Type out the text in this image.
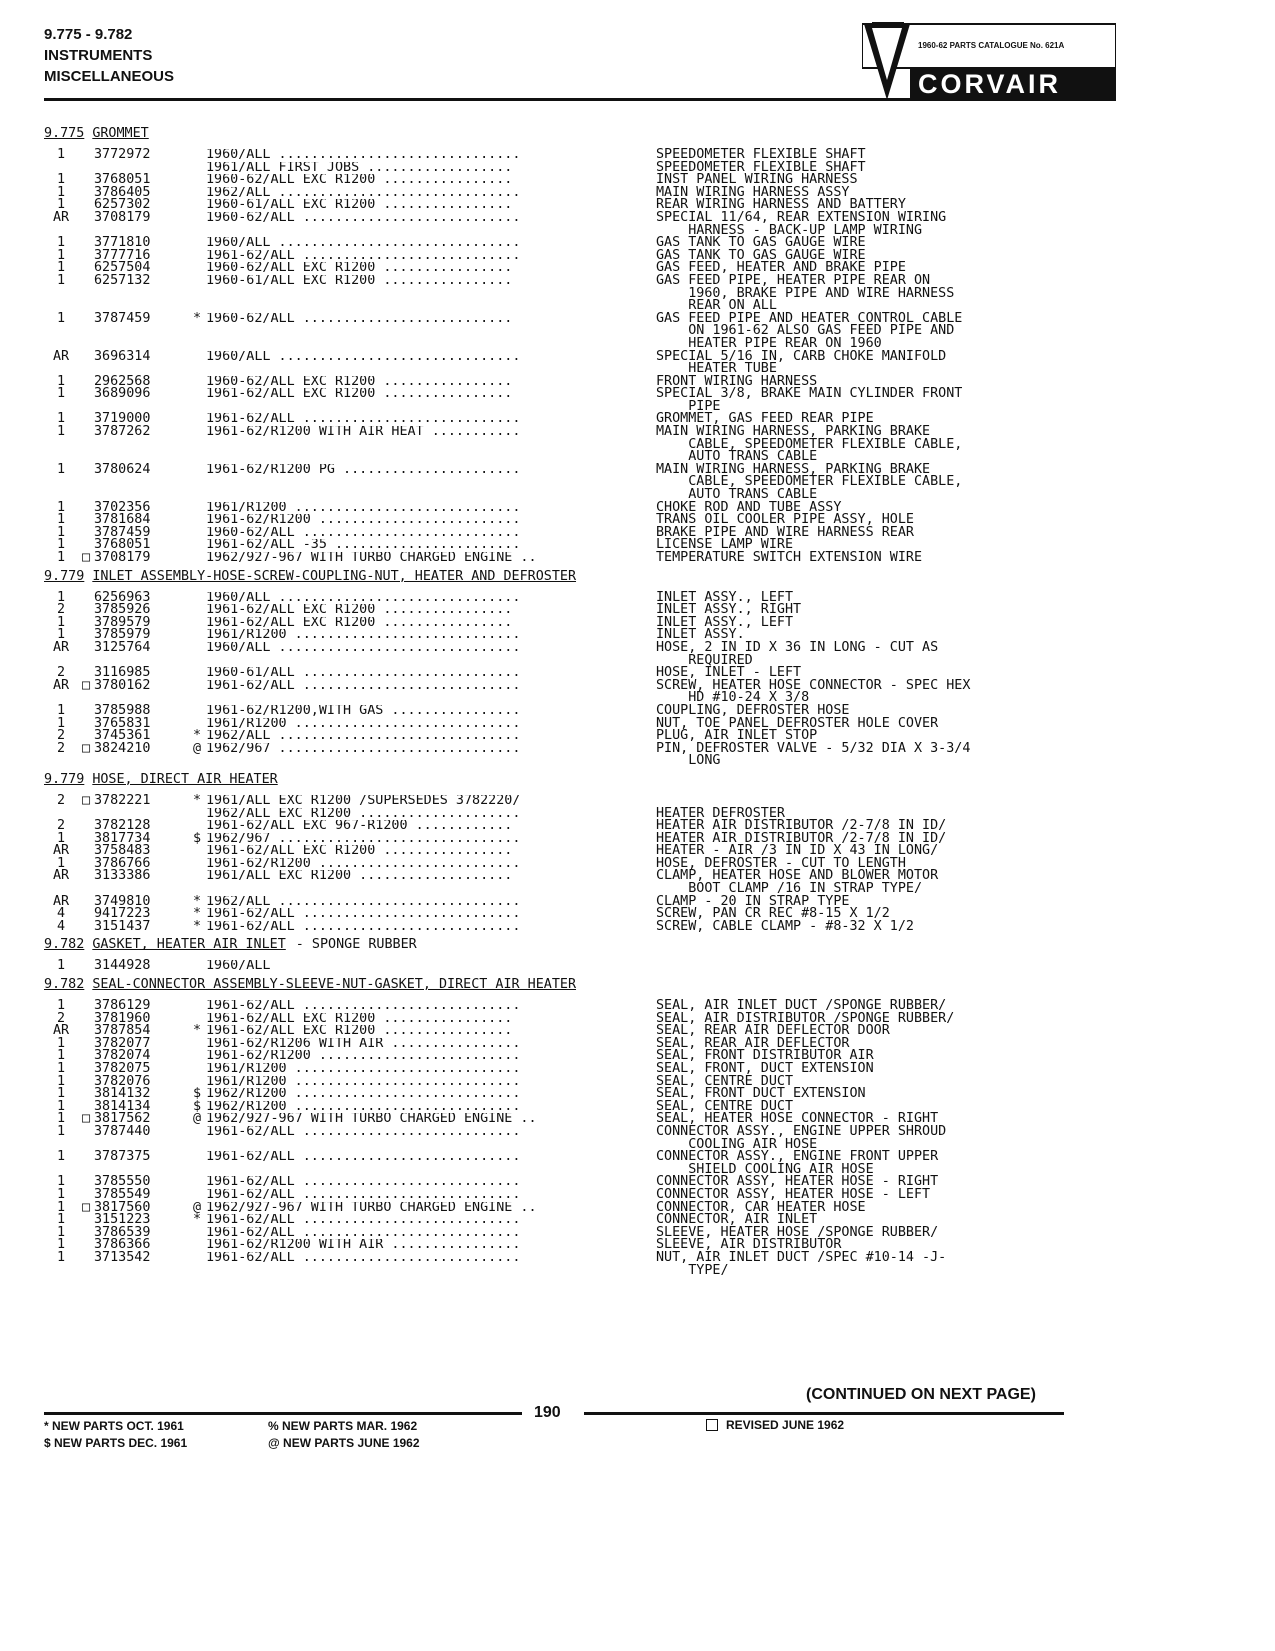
9.775 - 9.782
INSTRUMENTS
MISCELLANEOUS
1960-62 PARTS CATALOGUE No. 621A
CORVAIR
9.775 GROMMET
1	3772972	1960/ALL ..............................	SPEEDOMETER FLEXIBLE SHAFT
1961/ALL FIRST JOBS ..................	SPEEDOMETER FLEXIBLE SHAFT
1	3768051	1960-62/ALL EXC R1200 ................	INST PANEL WIRING HARNESS
1	3786405	1962/ALL ..............................	MAIN WIRING HARNESS ASSY
1	6257302	1960-61/ALL EXC R1200 ................	REAR WIRING HARNESS AND BATTERY
AR	3708179	1960-62/ALL ...........................	SPECIAL 11/64, REAR EXTENSION WIRING
HARNESS - BACK-UP LAMP WIRING
1	3771810	1960/ALL ..............................	GAS TANK TO GAS GAUGE WIRE
1	3777716	1961-62/ALL ...........................	GAS TANK TO GAS GAUGE WIRE
1	6257504	1960-62/ALL EXC R1200 ................	GAS FEED, HEATER AND BRAKE PIPE
1	6257132	1960-61/ALL EXC R1200 ................	GAS FEED PIPE, HEATER PIPE REAR ON
1960, BRAKE PIPE AND WIRE HARNESS
REAR ON ALL
1	3787459	* 1960-62/ALL ..........................	GAS FEED PIPE AND HEATER CONTROL CABLE
ON 1961-62 ALSO GAS FEED PIPE AND
HEATER PIPE REAR ON 1960
AR	3696314	1960/ALL ..............................	SPECIAL 5/16 IN, CARB CHOKE MANIFOLD
HEATER TUBE
1	2962568	1960-62/ALL EXC R1200 ................	FRONT WIRING HARNESS
1	3689096	1961-62/ALL EXC R1200 ................	SPECIAL 3/8, BRAKE MAIN CYLINDER FRONT
PIPE
1	3719000	1961-62/ALL ...........................	GROMMET, GAS FEED REAR PIPE
1	3787262	1961-62/R1200 WITH AIR HEAT ...........	MAIN WIRING HARNESS, PARKING BRAKE
CABLE, SPEEDOMETER FLEXIBLE CABLE,
AUTO TRANS CABLE
1	3780624	1961-62/R1200 PG ......................	MAIN WIRING HARNESS, PARKING BRAKE
CABLE, SPEEDOMETER FLEXIBLE CABLE,
AUTO TRANS CABLE
1	3702356	1961/R1200 ............................	CHOKE ROD AND TUBE ASSY
1	3781684	1961-62/R1200 .........................	TRANS OIL COOLER PIPE ASSY, HOLE
1	3787459	1960-62/ALL ...........................	BRAKE PIPE AND WIRE HARNESS REAR
1	3768051	1961-62/ALL -35 .......................	LICENSE LAMP WIRE
1	□ 3708179	1962/927-967 WITH TURBO CHARGED ENGINE ..	TEMPERATURE SWITCH EXTENSION WIRE
9.779 INLET ASSEMBLY-HOSE-SCREW-COUPLING-NUT, HEATER AND DEFROSTER
1	6256963	1960/ALL ..............................	INLET ASSY., LEFT
2	3785926	1961-62/ALL EXC R1200 ................	INLET ASSY., RIGHT
1	3789579	1961-62/ALL EXC R1200 ................	INLET ASSY., LEFT
1	3785979	1961/R1200 ............................	INLET ASSY.
AR	3125764	1960/ALL ..............................	HOSE, 2 IN ID X 36 IN LONG - CUT AS
REQUIRED
2	3116985	1960-61/ALL ...........................	HOSE, INLET - LEFT
AR □ 3780162	1961-62/ALL ...........................	SCREW, HEATER HOSE CONNECTOR - SPEC HEX
HD #10-24 X 3/8
1	3785988	1961-62/R1200,WITH GAS ................	COUPLING, DEFROSTER HOSE
1	3765831	1961/R1200 ............................	NUT, TOE PANEL DEFROSTER HOLE COVER
2	3745361	* 1962/ALL ..............................	PLUG, AIR INLET STOP
2	□ 3824210	@ 1962/967 ..............................	PIN, DEFROSTER VALVE - 5/32 DIA X 3-3/4
LONG
9.779 HOSE, DIRECT AIR HEATER
2	□ 3782221	* 1961/ALL EXC R1200 /SUPERSEDES 3782220/
1962/ALL EXC R1200 ....................	HEATER DEFROSTER
2	3782128	1961-62/ALL EXC 967-R1200 ............	HEATER AIR DISTRIBUTOR /2-7/8 IN ID/
1	3817734	$ 1962/967 ..............................	HEATER AIR DISTRIBUTOR /2-7/8 IN ID/
AR	3758483	1961-62/ALL EXC R1200 ................	HEATER - AIR /3 IN ID X 43 IN LONG/
1	3786766	1961-62/R1200 .........................	HOSE, DEFROSTER - CUT TO LENGTH
AR	3133386	1961/ALL EXC R1200 ...................	CLAMP, HEATER HOSE AND BLOWER MOTOR
BOOT CLAMP /16 IN STRAP TYPE/
AR	3749810	* 1962/ALL ..............................	CLAMP - 20 IN STRAP TYPE
4	9417223	* 1961-62/ALL ...........................	SCREW, PAN CR REC #8-15 X 1/2
4	3151437	* 1961-62/ALL ...........................	SCREW, CABLE CLAMP - #8-32 X 1/2
9.782 GASKET, HEATER AIR INLET - SPONGE RUBBER
1	3144928	1960/ALL
9.782 SEAL-CONNECTOR ASSEMBLY-SLEEVE-NUT-GASKET, DIRECT AIR HEATER
1	3786129	1961-62/ALL ...........................	SEAL, AIR INLET DUCT /SPONGE RUBBER/
2	3781960	1961-62/ALL EXC R1200 ................	SEAL, AIR DISTRIBUTOR /SPONGE RUBBER/
AR	3787854	* 1961-62/ALL EXC R1200 ................	SEAL, REAR AIR DEFLECTOR DOOR
1	3782077	1961-62/R1206 WITH AIR ................	SEAL, REAR AIR DEFLECTOR
1	3782074	1961-62/R1200 .........................	SEAL, FRONT DISTRIBUTOR AIR
1	3782075	1961/R1200 ............................	SEAL, FRONT, DUCT EXTENSION
1	3782076	1961/R1200 ............................	SEAL, CENTRE DUCT
1	3814132	$ 1962/R1200 ............................	SEAL, FRONT DUCT EXTENSION
1	3814134	$ 1962/R1200 ............................	SEAL, CENTRE DUCT
1	□ 3817562	@ 1962/927-967 WITH TURBO CHARGED ENGINE ..	SEAL, HEATER HOSE CONNECTOR - RIGHT
1	3787440	1961-62/ALL ...........................	CONNECTOR ASSY., ENGINE UPPER SHROUD
COOLING AIR HOSE
1	3787375	1961-62/ALL ...........................	CONNECTOR ASSY., ENGINE FRONT UPPER
SHIELD COOLING AIR HOSE
1	3785550	1961-62/ALL ...........................	CONNECTOR ASSY, HEATER HOSE - RIGHT
1	3785549	1961-62/ALL ...........................	CONNECTOR ASSY, HEATER HOSE - LEFT
1	□ 3817560	@ 1962/927-967 WITH TURBO CHARGED ENGINE ..	CONNECTOR, CAR HEATER HOSE
1	3151223	* 1961-62/ALL ...........................	CONNECTOR, AIR INLET
1	3786539	1961-62/ALL ...........................	SLEEVE, HEATER HOSE /SPONGE RUBBER/
1	3786366	1961-62/R1200 WITH AIR ................	SLEEVE, AIR DISTRIBUTOR
1	3713542	1961-62/ALL ...........................	NUT, AIR INLET DUCT /SPEC #10-14 -J-
TYPE/
(CONTINUED ON NEXT PAGE)
190
* NEW PARTS OCT. 1961
$ NEW PARTS DEC. 1961
% NEW PARTS MAR. 1962
@ NEW PARTS JUNE 1962
REVISED JUNE 1962
